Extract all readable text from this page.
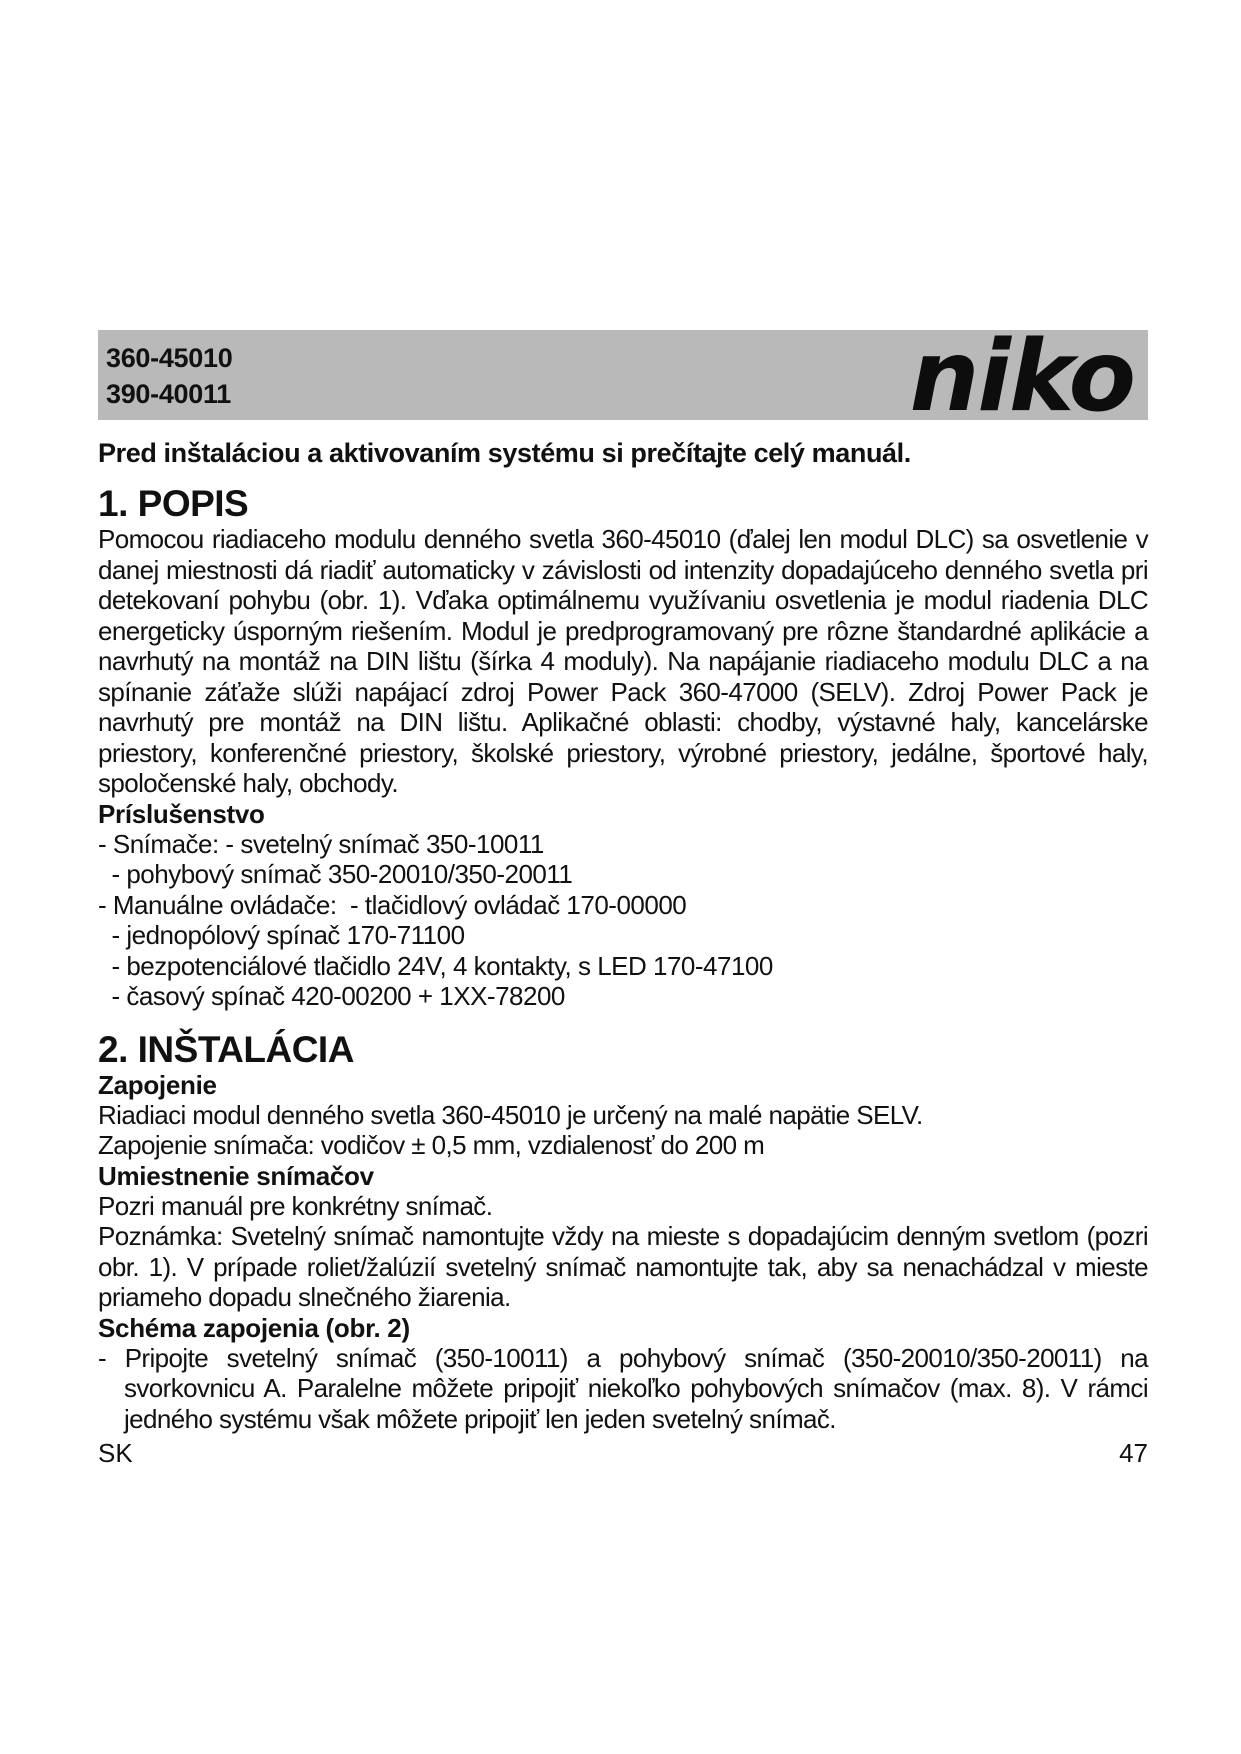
360-45010
390-40011	niko
Pred inštaláciou a aktivovaním systému si prečítajte celý manuál.
1. POPIS

Pomocou riadiaceho modulu denného svetla 360-45010 (ďalej len modul DLC) sa osvetlenie v danej miestnosti dá riadiť automaticky v závislosti od intenzity dopadajúceho denného svetla pri detekovaní pohybu (obr. 1). Vďaka optimálnemu využívaniu osvetlenia je modul riadenia DLC energeticky úsporným riešením. Modul je predprogramovaný pre rôzne štandardné aplikácie a navrhutý na montáž na DIN lištu (šírka 4 moduly). Na napájanie riadiaceho modulu DLC a na spínanie záťaže slúži napájací zdroj Power Pack 360-47000 (SELV). Zdroj Power Pack je navrhutý pre montáž na DIN lištu. Aplikačné oblasti: chodby, výstavné haly, kancelárske priestory, konferenčné priestory, školské priestory, výrobné priestory, jedálne, športové haly, spoločenské haly, obchody.

Príslušenstvo
- Snímače: - svetelný snímač 350-10011
- pohybový snímač 350-20010/350-20011
- Manuálne ovládače:  - tlačidlový ovládač 170-00000
- jednopólový spínač 170-71100
- bezpotenciálové tlačidlo 24V, 4 kontakty, s LED 170-47100
- časový spínač 420-00200 + 1XX-78200
2. INŠTALÁCIA
Zapojenie

Riadiaci modul denného svetla 360-45010 je určený na malé napätie SELV.

Zapojenie snímača: vodičov ± 0,5 mm, vzdialenosť do 200 m

Umiestnenie snímačov

Pozri manuál pre konkrétny snímač.

Poznámka: Svetelný snímač namontujte vždy na mieste s dopadajúcim denným svetlom (pozri obr. 1). V prípade roliet/žalúzií svetelný snímač namontujte tak, aby sa nenachádzal v mieste priameho dopadu slnečného žiarenia.

Schéma zapojenia (obr. 2)

- Pripojte svetelný snímač (350-10011) a pohybový snímač (350-20010/350-20011) na svorkovnicu A. Paralelne môžete pripojiť niekoľko pohybových snímačov (max. 8). V rámci jedného systému však môžete pripojiť len jeden svetelný snímač.

SK	47
